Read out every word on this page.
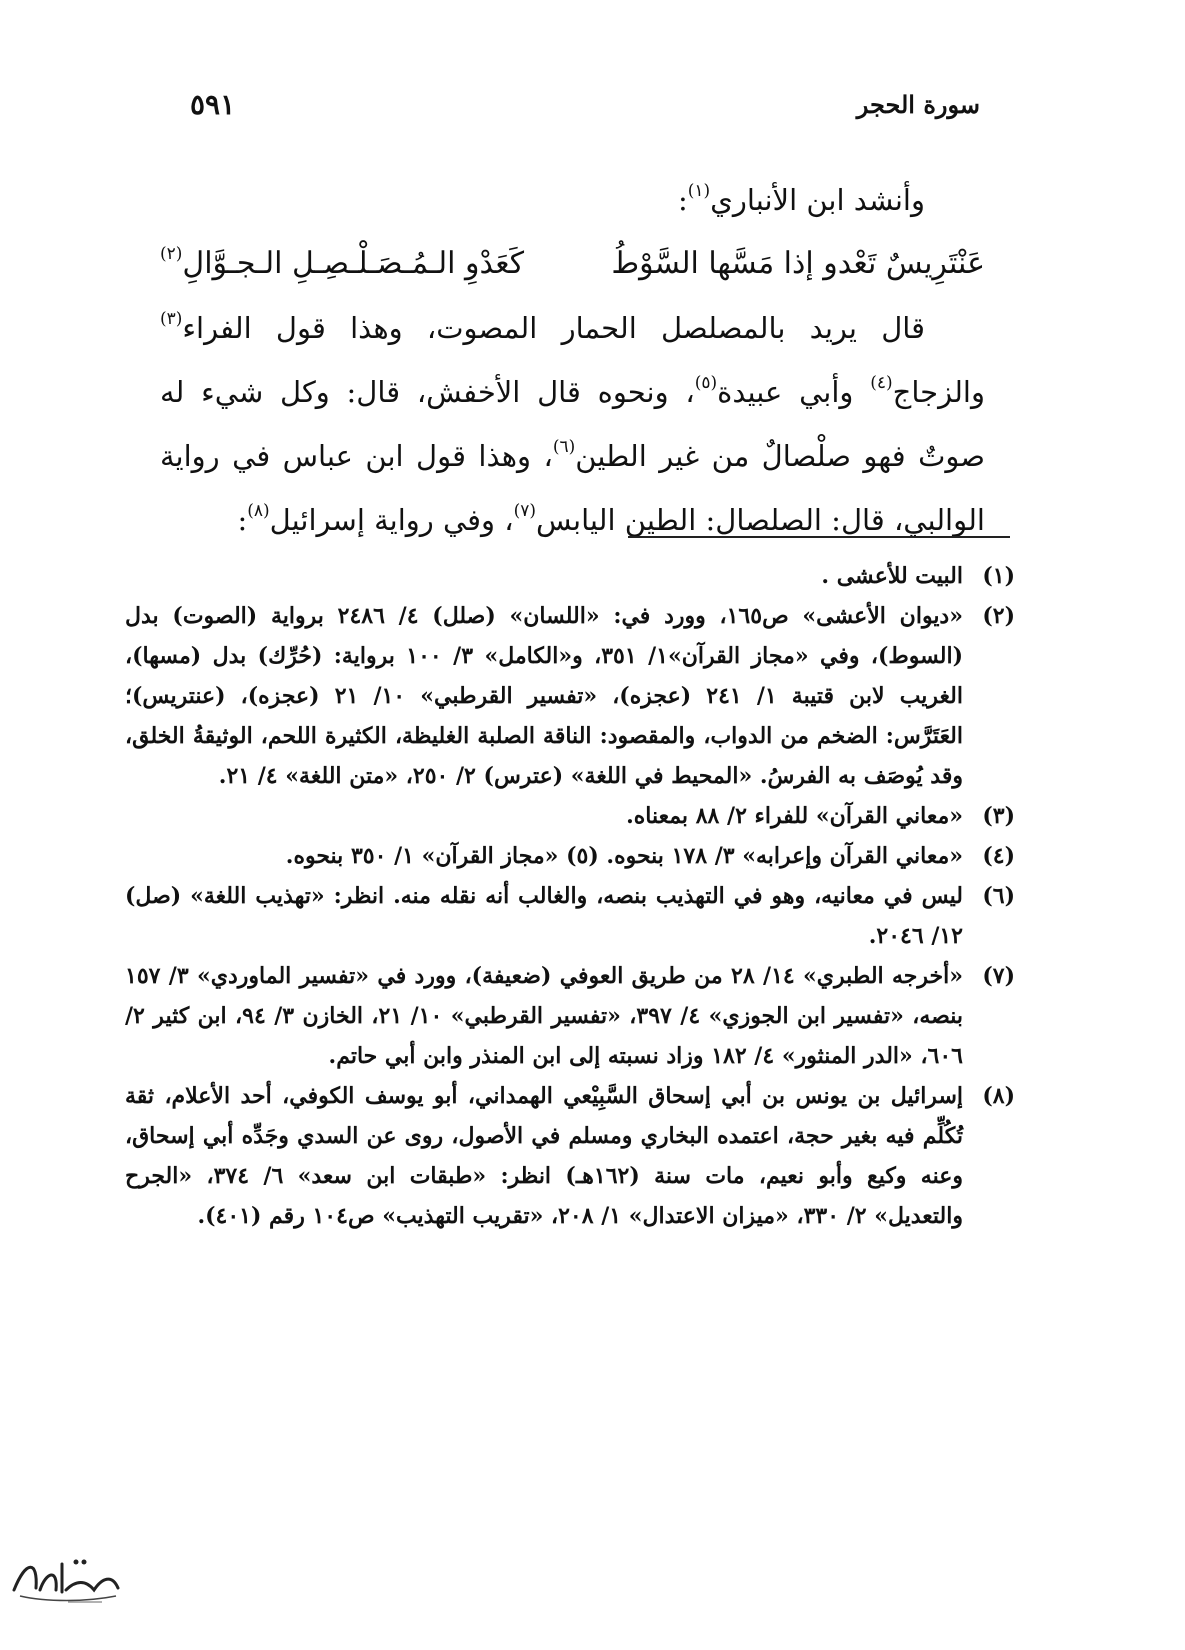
سورة الحجر
٥٩١

وأنشد ابن الأنباري$^{(١)}$:

عَنْتَرِيسٌ تَعْدو إذا مَسَّها السَّوْطُ
كَعَدْوِ الـمُـصَـلْـصِـلِ الـجـوَّالِ$^{(٢)}$

قال يريد بالمصلصل الحمار المصوت، وهذا قول الفراء$^{(٣)}$ والزجاج$^{(٤)}$ وأبي عبيدة$^{(٥)}$، ونحوه قال الأخفش، قال: وكل شيء له صوتٌ فهو صلْصالٌ من غير الطين$^{(٦)}$، وهذا قول ابن عباس في رواية الوالبي، قال: الصلصال: الطين اليابس$^{(٧)}$، وفي رواية إسرائيل$^{(٨)}$:

(١)
البيت للأعشى .
(٢)
«ديوان الأعشى» ص١٦٥، وورد في: «اللسان» (صلل) ٤/ ٢٤٨٦ برواية (الصوت) بدل (السوط)، وفي «مجاز القرآن»١/ ٣٥١، و«الكامل» ٣/ ١٠٠ برواية: (حُرِّك) بدل (مسها)، الغريب لابن قتيبة ١/ ٢٤١ (عجزه)، «تفسير القرطبي» ١٠/ ٢١ (عجزه)، (عنتريس)؛ العَتَرَّس: الضخم من الدواب، والمقصود: الناقة الصلبة الغليظة، الكثيرة اللحم، الوثيقةُ الخلق، وقد يُوصَف به الفرسُ. «المحيط في اللغة» (عترس) ٢/ ٢٥٠، «متن اللغة» ٤/ ٢١.
(٣)
«معاني القرآن» للفراء ٢/ ٨٨ بمعناه.
(٤)
«معاني القرآن وإعرابه» ٣/ ١٧٨ بنحوه. (٥) «مجاز القرآن» ١/ ٣٥٠ بنحوه.
(٦)
ليس في معانيه، وهو في التهذيب بنصه، والغالب أنه نقله منه. انظر: «تهذيب اللغة» (صل) ١٢/ ٢٠٤٦.
(٧)
«أخرجه الطبري» ١٤/ ٢٨ من طريق العوفي (ضعيفة)، وورد في «تفسير الماوردي» ٣/ ١٥٧ بنصه، «تفسير ابن الجوزي» ٤/ ٣٩٧، «تفسير القرطبي» ١٠/ ٢١، الخازن ٣/ ٩٤، ابن كثير ٢/ ٦٠٦، «الدر المنثور» ٤/ ١٨٢ وزاد نسبته إلى ابن المنذر وابن أبي حاتم.
(٨)
إسرائيل بن يونس بن أبي إسحاق السَّبِيْعي الهمداني، أبو يوسف الكوفي، أحد الأعلام، ثقة تُكُلِّم فيه بغير حجة، اعتمده البخاري ومسلم في الأصول، روى عن السدي وجَدِّه أبي إسحاق، وعنه وكيع وأبو نعيم، مات سنة (١٦٢هـ) انظر: «طبقات ابن سعد» ٦/ ٣٧٤، «الجرح والتعديل» ٢/ ٣٣٠، «ميزان الاعتدال» ١/ ٢٠٨، «تقريب التهذيب» ص١٠٤ رقم (٤٠١).
